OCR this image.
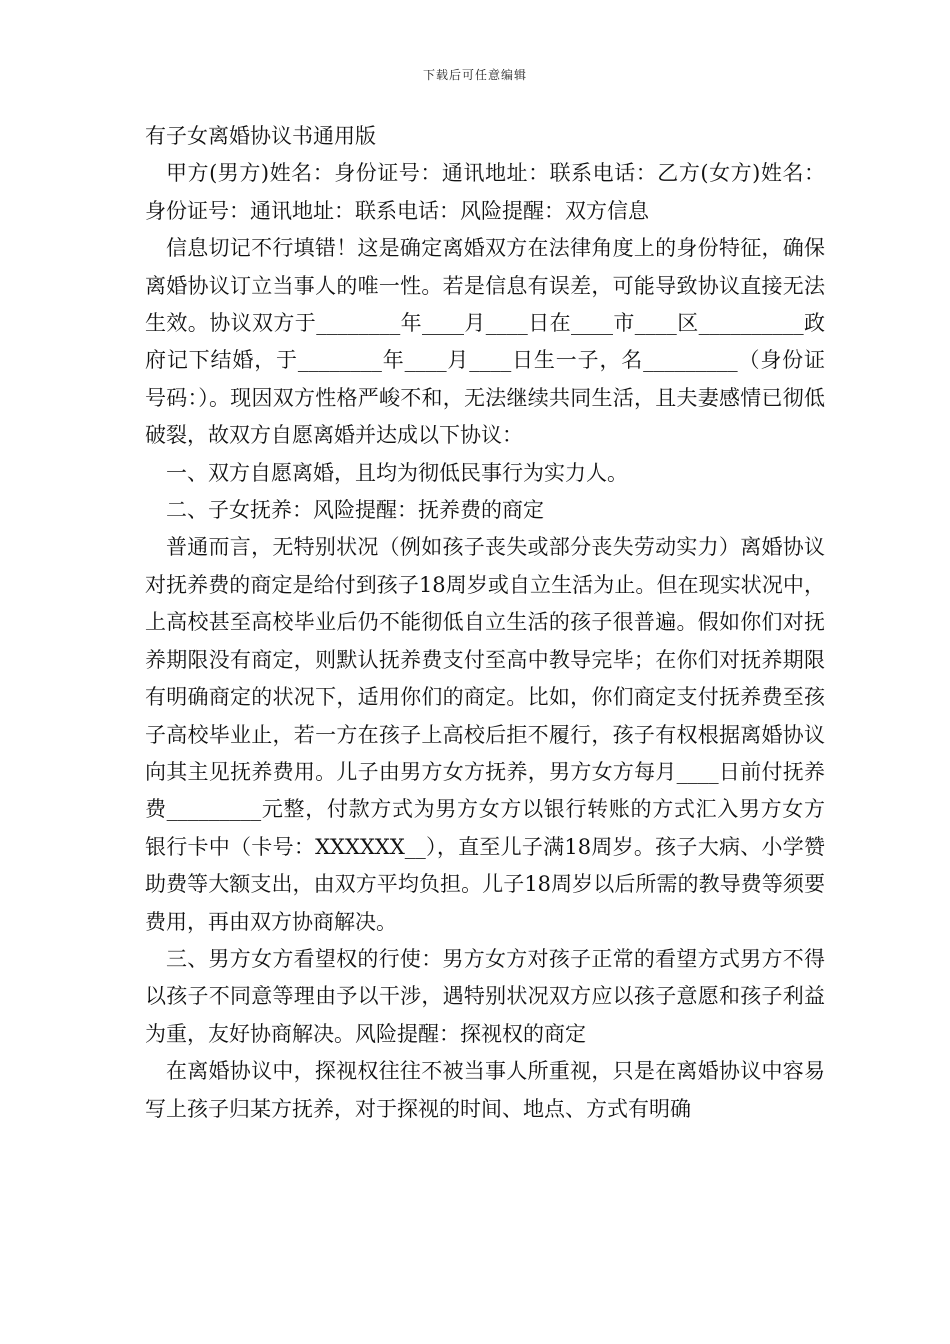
下载后可任意编辑

有子女离婚协议书通用版

甲方(男方)姓名：身份证号：通讯地址：联系电话：乙方(女方)姓名：身份证号：通讯地址：联系电话：风险提醒：双方信息

信息切记不行填错！这是确定离婚双方在法律角度上的身份特征，确保离婚协议订立当事人的唯一性。若是信息有误差，可能导致协议直接无法生效。协议双方于________年____月____日在____市____区__________政府记下结婚，于________年____月____日生一子，名_________（身份证号码：）。现因双方性格严峻不和，无法继续共同生活，且夫妻感情已彻低破裂，故双方自愿离婚并达成以下协议：

一、双方自愿离婚，且均为彻低民事行为实力人。

二、子女抚养：风险提醒：抚养费的商定

普通而言，无特别状况（例如孩子丧失或部分丧失劳动实力）离婚协议对抚养费的商定是给付到孩子18周岁或自立生活为止。但在现实状况中，上高校甚至高校毕业后仍不能彻低自立生活的孩子很普遍。假如你们对抚养期限没有商定，则默认抚养费支付至高中教导完毕；在你们对抚养期限有明确商定的状况下，适用你们的商定。比如，你们商定支付抚养费至孩子高校毕业止，若一方在孩子上高校后拒不履行，孩子有权根据离婚协议向其主见抚养费用。儿子由男方女方抚养，男方女方每月____日前付抚养费_________元整，付款方式为男方女方以银行转账的方式汇入男方女方银行卡中（卡号：XXXXXX__），直至儿子满18周岁。孩子大病、小学赞助费等大额支出，由双方平均负担。儿子18周岁以后所需的教导费等须要费用，再由双方协商解决。

三、男方女方看望权的行使：男方女方对孩子正常的看望方式男方不得以孩子不同意等理由予以干涉，遇特别状况双方应以孩子意愿和孩子利益为重，友好协商解决。风险提醒：探视权的商定

在离婚协议中，探视权往往不被当事人所重视，只是在离婚协议中容易写上孩子归某方抚养，对于探视的时间、地点、方式有明确
